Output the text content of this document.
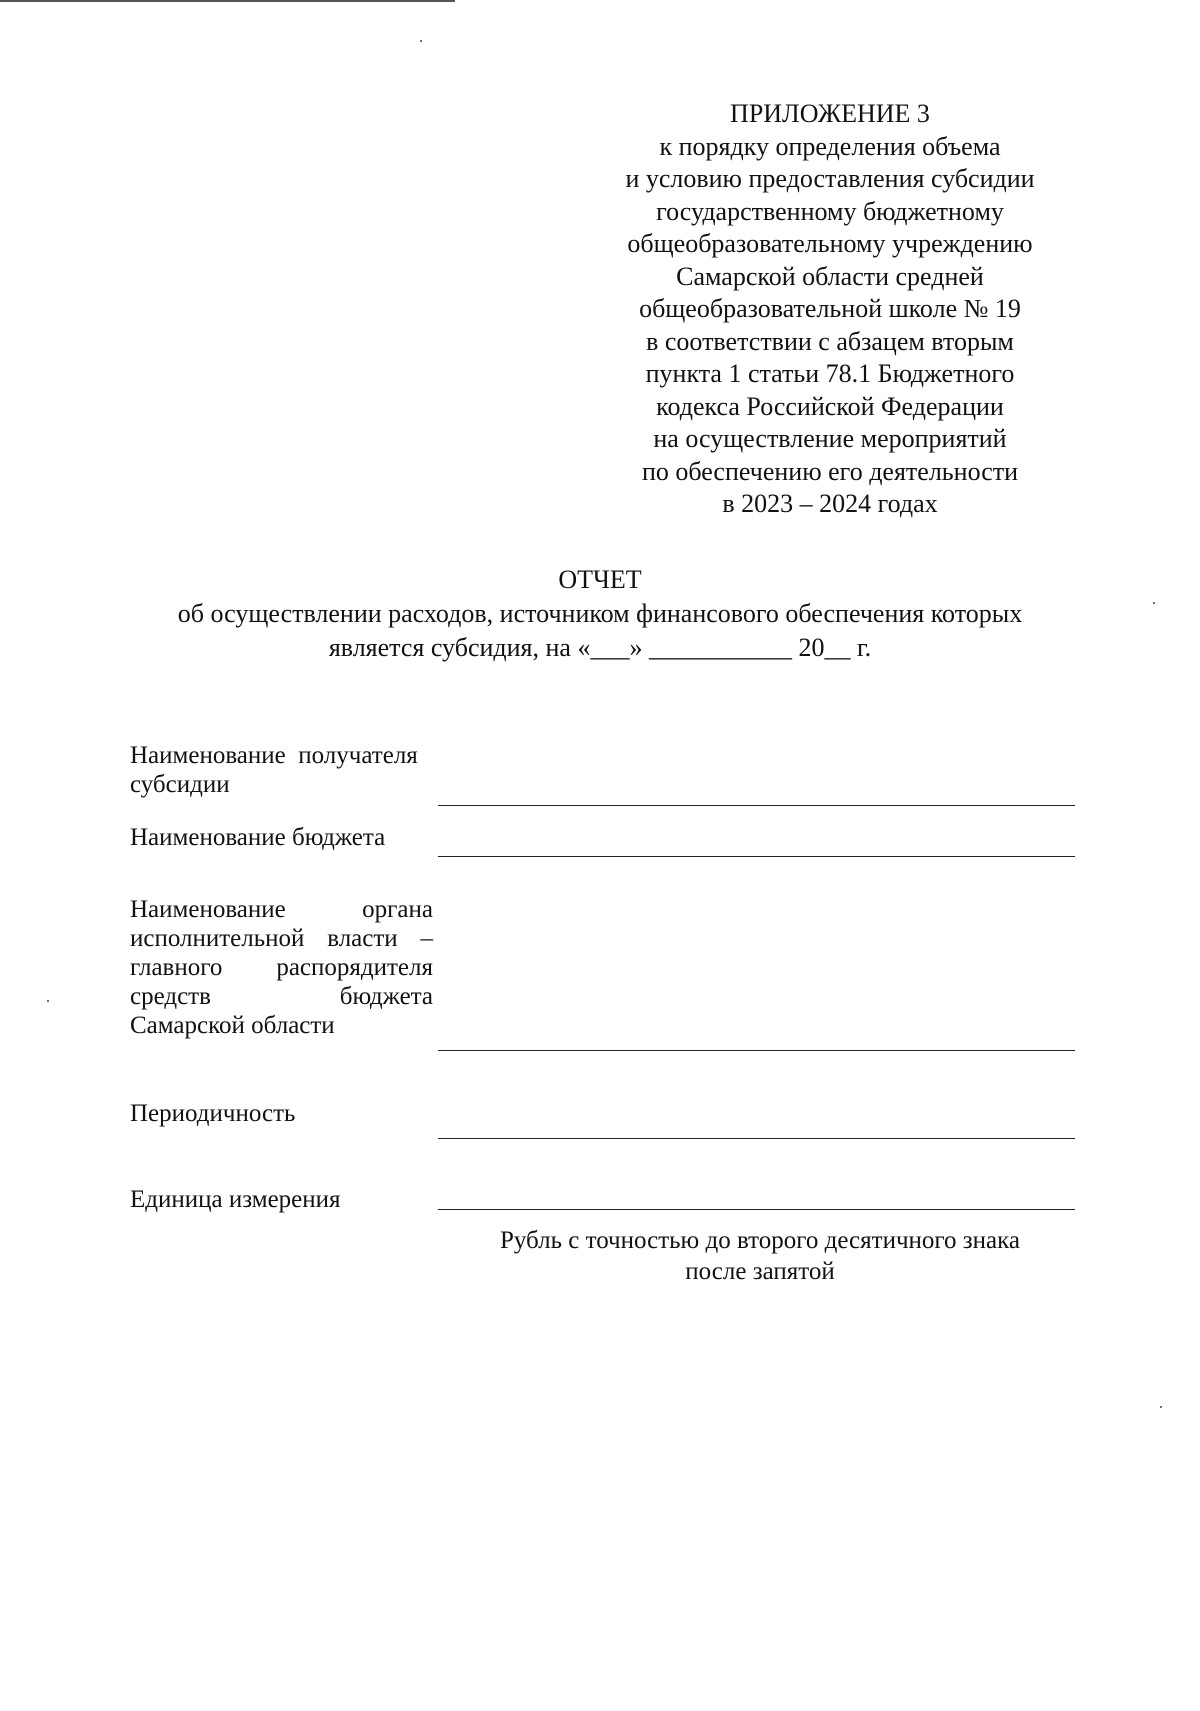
ПРИЛОЖЕНИЕ 3
к порядку определения объема
и условию предоставления субсидии
государственному бюджетному
общеобразовательному учреждению
Самарской области средней
общеобразовательной школе № 19
в соответствии с абзацем вторым
пункта 1 статьи 78.1 Бюджетного
кодекса Российской Федерации
на осуществление мероприятий
по обеспечению его деятельности
в 2023 – 2024 годах
ОТЧЕТ
об осуществлении расходов, источником финансового обеспечения которых
является субсидия, на «___» ___________ 20__ г.
Наименование  получателя
субсидии
Наименование бюджета
Наименование органа
исполнительной власти –
главного распорядителя
средств бюджета
Самарской области
Периодичность
Единица измерения
Рубль с точностью до второго десятичного знака
после запятой
